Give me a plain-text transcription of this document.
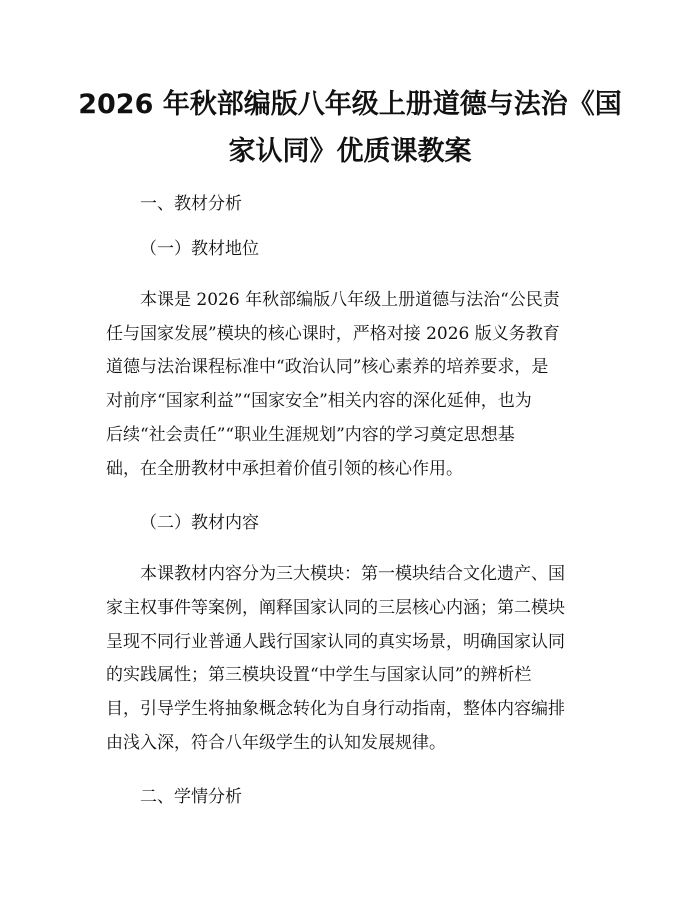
2026 年秋部编版八年级上册道德与法治《国
家认同》优质课教案
一、教材分析
（一）教材地位
本课是 2026 年秋部编版八年级上册道德与法治“公民责
任与国家发展”模块的核心课时，严格对接 2026 版义务教育
道德与法治课程标准中“政治认同”核心素养的培养要求，是
对前序“国家利益”“国家安全”相关内容的深化延伸，也为
后续“社会责任”“职业生涯规划”内容的学习奠定思想基
础，在全册教材中承担着价值引领的核心作用。
（二）教材内容
本课教材内容分为三大模块：第一模块结合文化遗产、国
家主权事件等案例，阐释国家认同的三层核心内涵；第二模块
呈现不同行业普通人践行国家认同的真实场景，明确国家认同
的实践属性；第三模块设置“中学生与国家认同”的辨析栏
目，引导学生将抽象概念转化为自身行动指南，整体内容编排
由浅入深，符合八年级学生的认知发展规律。
二、学情分析
